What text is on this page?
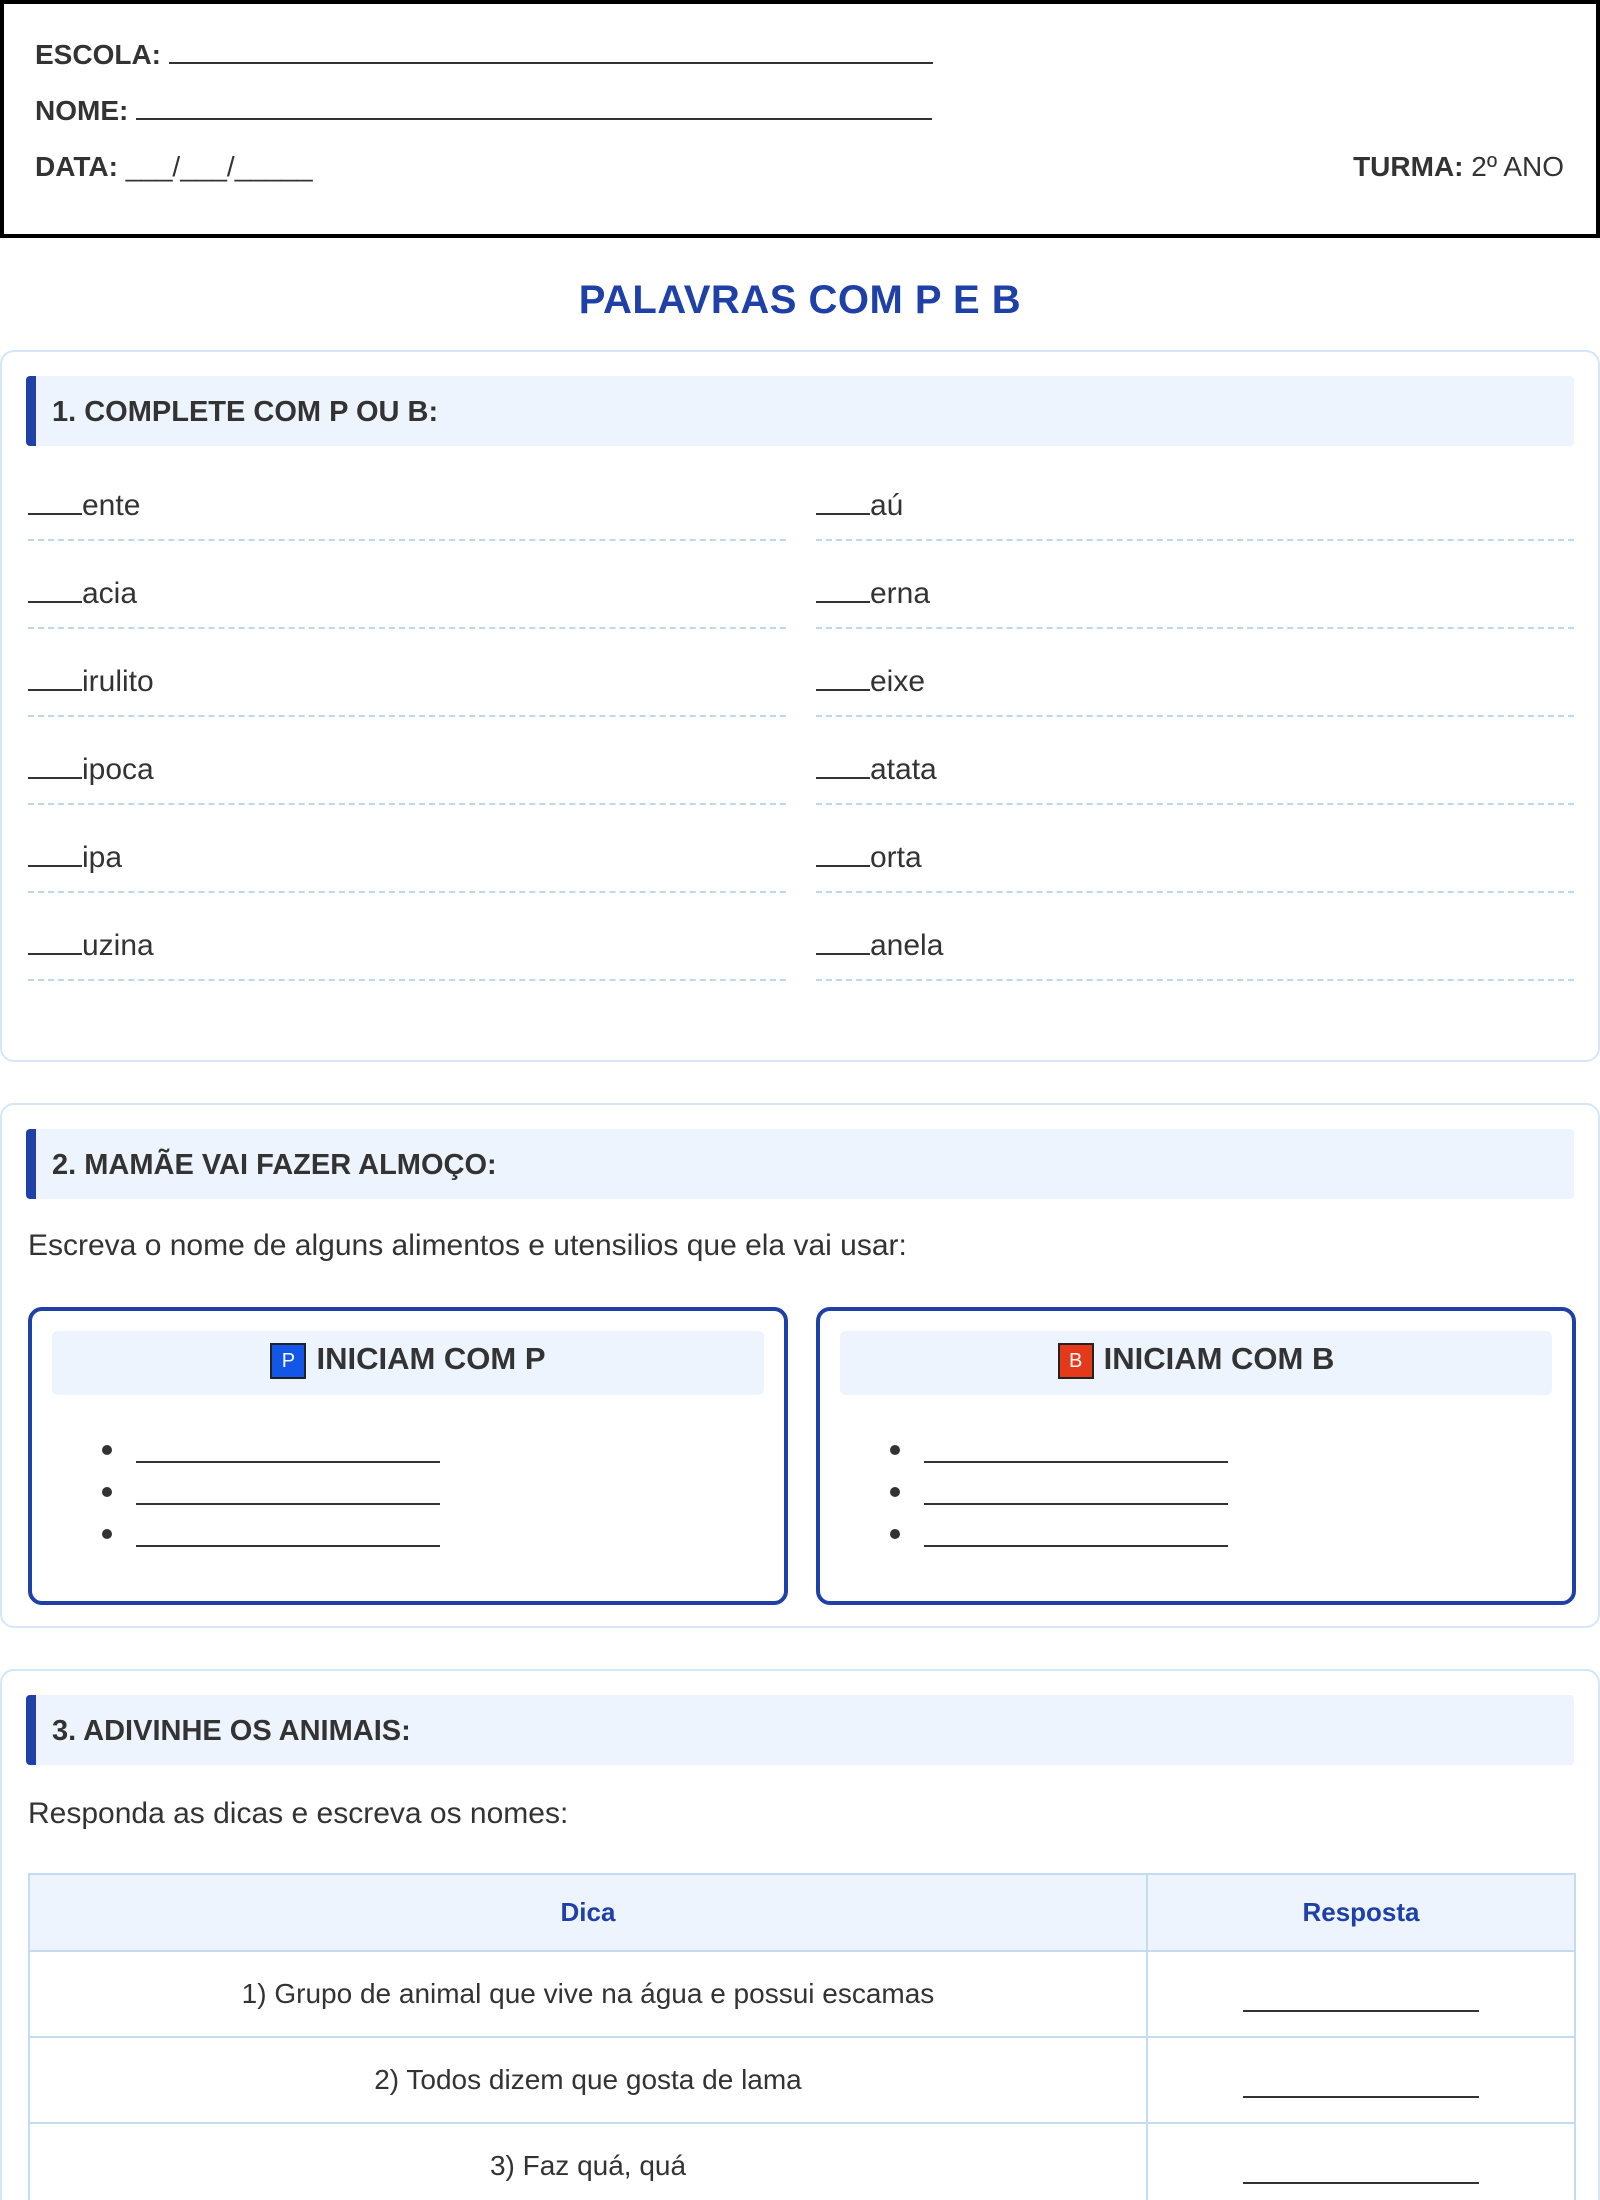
ESCOLA:
NOME:
DATA: ___/___/_____	TURMA: 2º ANO
PALAVRAS COM P E B
1. COMPLETE COM P OU B:
ente
acia
irulito
ipoca
ipa
uzina
aú
erna
eixe
atata
orta
anela
2. MAMÃE VAI FAZER ALMOÇO:
Escreva o nome de alguns alimentos e utensilios que ela vai usar:
P INICIAM COM P	B INICIAM COM B
3. ADIVINHE OS ANIMAIS:
Responda as dicas e escreva os nomes:
Dica	Resposta
1) Grupo de animal que vive na água e possui escamas	
2) Todos dizem que gosta de lama	
3) Faz quá, quá	
